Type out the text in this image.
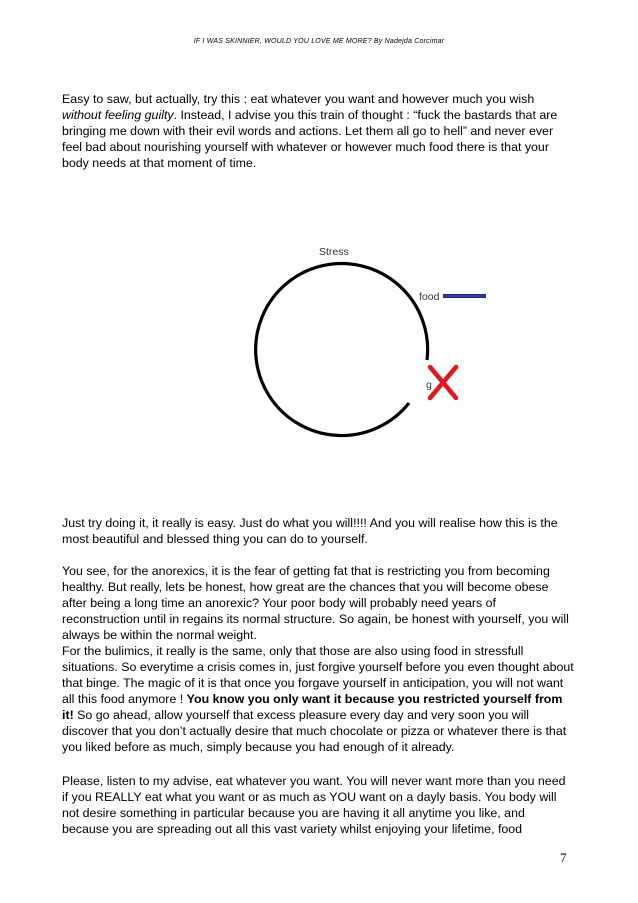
IF I WAS SKINNIER, WOULD YOU LOVE ME MORE? By Nadejda Corcimar

Easy to saw, but actually, try this : eat whatever you want and however much you wish without feeling guilty. Instead, I advise you this train of thought : “fuck the bastards that are bringing me down with their evil words and actions. Let them all go to hell” and never ever feel bad about nourishing yourself with whatever or however much food there is that your body needs at that moment of time.

Stress
food
g

Just try doing it, it really is easy. Just do what you will!!!! And you will realise how this is the most beautiful and blessed thing you can do to yourself.

You see, for the anorexics, it is the fear of getting fat that is restricting you from becoming healthy. But really, lets be honest, how great are the chances that you will become obese after being a long time an anorexic? Your poor body will probably need years of reconstruction until in regains its normal structure. So again, be honest with yourself, you will always be within the normal weight.

For the bulimics, it really is the same, only that those are also using food in stressfull situations. So everytime a crisis comes in, just forgive yourself before you even thought about that binge. The magic of it is that once you forgave yourself in anticipation, you will not want all this food anymore ! You know you only want it because you restricted yourself from it! So go ahead, allow yourself that excess pleasure every day and very soon you will discover that you don’t actually desire that much chocolate or pizza or whatever there is that you liked before as much, simply because you had enough of it already.

Please, listen to my advise, eat whatever you want. You will never want more than you need if you REALLY eat what you want or as much as YOU want on a dayly basis. You body will not desire something in particular because you are having it all anytime you like, and because you are spreading out all this vast variety whilst enjoying your lifetime, food

7
